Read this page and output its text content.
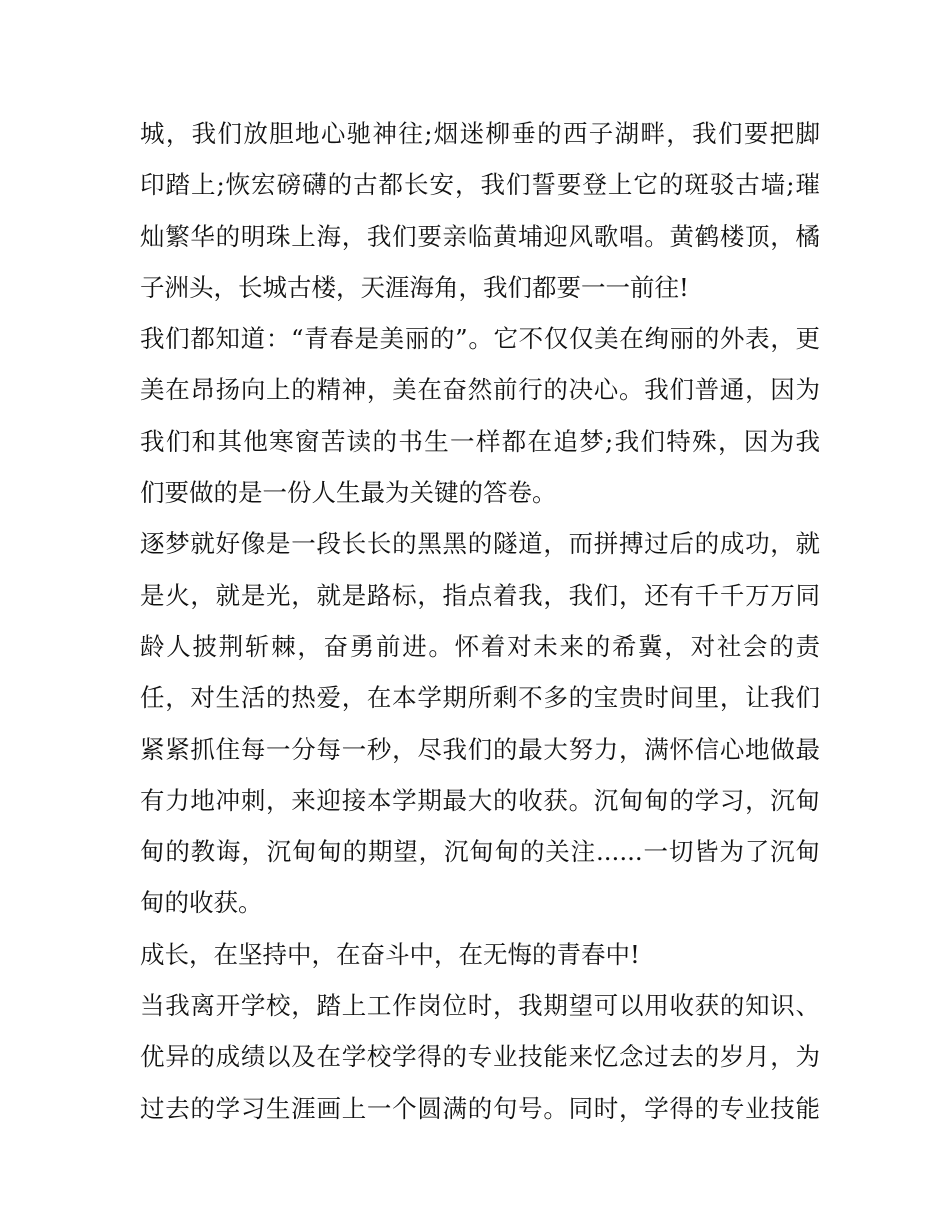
城，我们放胆地心驰神往;烟迷柳垂的西子湖畔，我们要把脚
印踏上;恢宏磅礴的古都长安，我们誓要登上它的斑驳古墙;璀
灿繁华的明珠上海，我们要亲临黄埔迎风歌唱。黄鹤楼顶，橘
子洲头，长城古楼，天涯海角，我们都要一一前往!
我们都知道：“青春是美丽的”。它不仅仅美在绚丽的外表，更
美在昂扬向上的精神，美在奋然前行的决心。我们普通，因为
我们和其他寒窗苦读的书生一样都在追梦;我们特殊，因为我
们要做的是一份人生最为关键的答卷。
逐梦就好像是一段长长的黑黑的隧道，而拼搏过后的成功，就
是火，就是光，就是路标，指点着我，我们，还有千千万万同
龄人披荆斩棘，奋勇前进。怀着对未来的希冀，对社会的责
任，对生活的热爱，在本学期所剩不多的宝贵时间里，让我们
紧紧抓住每一分每一秒，尽我们的最大努力，满怀信心地做最
有力地冲刺，来迎接本学期最大的收获。沉甸甸的学习，沉甸
甸的教诲，沉甸甸的期望，沉甸甸的关注......一切皆为了沉甸
甸的收获。
成长，在坚持中，在奋斗中，在无悔的青春中!
当我离开学校，踏上工作岗位时，我期望可以用收获的知识、
优异的成绩以及在学校学得的专业技能来忆念过去的岁月，为
过去的学习生涯画上一个圆满的句号。同时，学得的专业技能
